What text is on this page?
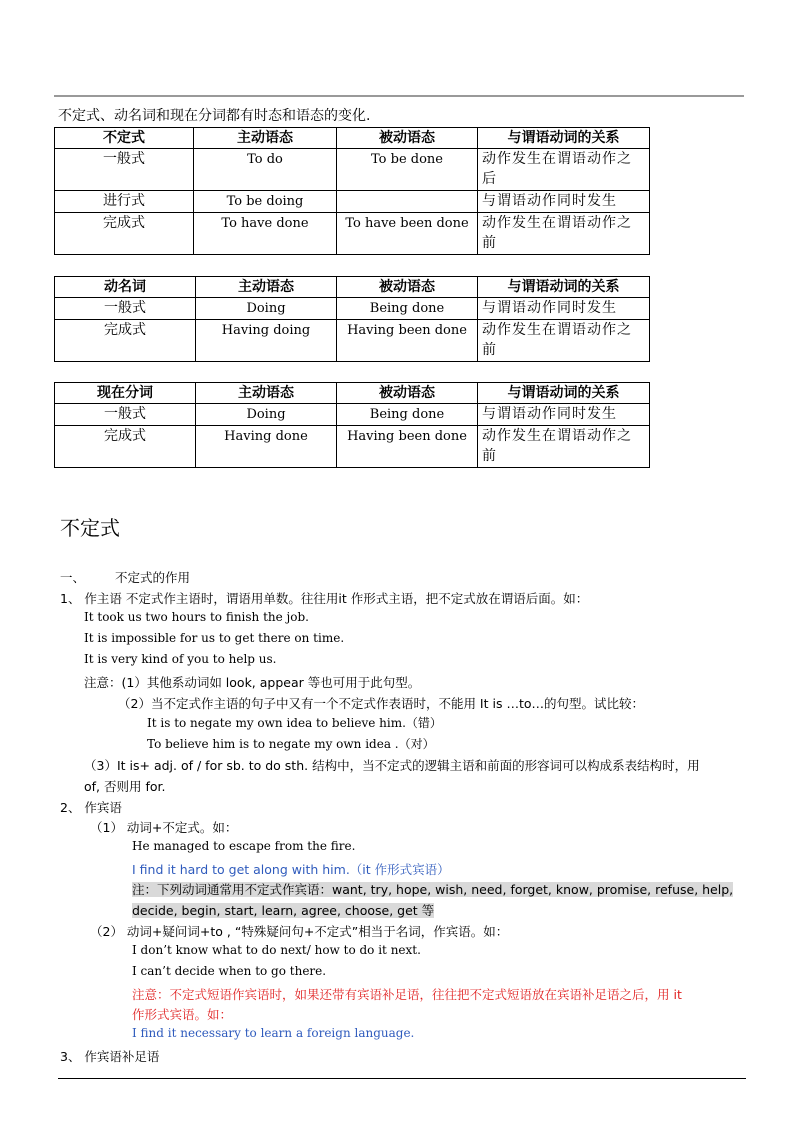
不定式、动名词和现在分词都有时态和语态的变化.
不定式	主动语态	被动语态	与谓语动词的关系
一般式	To do	To be done	动作发生在谓语动作之后
进行式	To be doing		与谓语动作同时发生
完成式	To have done	To have been done	动作发生在谓语动作之前
动名词	主动语态	被动语态	与谓语动词的关系
一般式	Doing	Being done	与谓语动作同时发生
完成式	Having doing	Having been done	动作发生在谓语动作之前
现在分词	主动语态	被动语态	与谓语动词的关系
一般式	Doing	Being done	与谓语动作同时发生
完成式	Having done	Having been done	动作发生在谓语动作之前
不定式
一、 不定式的作用
1、 作主语 不定式作主语时，谓语用单数。往往用it 作形式主语，把不定式放在谓语后面。如：
It took us two hours to finish the job.
It is impossible for us to get there on time.
It is very kind of you to help us.
注意：(1）其他系动词如 look, appear 等也可用于此句型。
（2）当不定式作主语的句子中又有一个不定式作表语时，不能用 It is …to…的句型。试比较：
It is to negate my own idea to believe him.（错）
To believe him is to negate my own idea .（对）
（3）It is+ adj. of / for sb. to do sth. 结构中，当不定式的逻辑主语和前面的形容词可以构成系表结构时，用
of, 否则用 for.
2、 作宾语
（1） 动词+不定式。如：
He managed to escape from the fire.
I find it hard to get along with him.（it 作形式宾语）
注：下列动词通常用不定式作宾语：want, try, hope, wish, need, forget, know, promise, refuse, help,
decide, begin, start, learn, agree, choose, get 等
（2） 动词+疑问词+to , “特殊疑问句+不定式”相当于名词，作宾语。如：
I don’t know what to do next/ how to do it next.
I can’t decide when to go there.
注意：不定式短语作宾语时，如果还带有宾语补足语，往往把不定式短语放在宾语补足语之后，用 it
作形式宾语。如：
I find it necessary to learn a foreign language.
3、 作宾语补足语
